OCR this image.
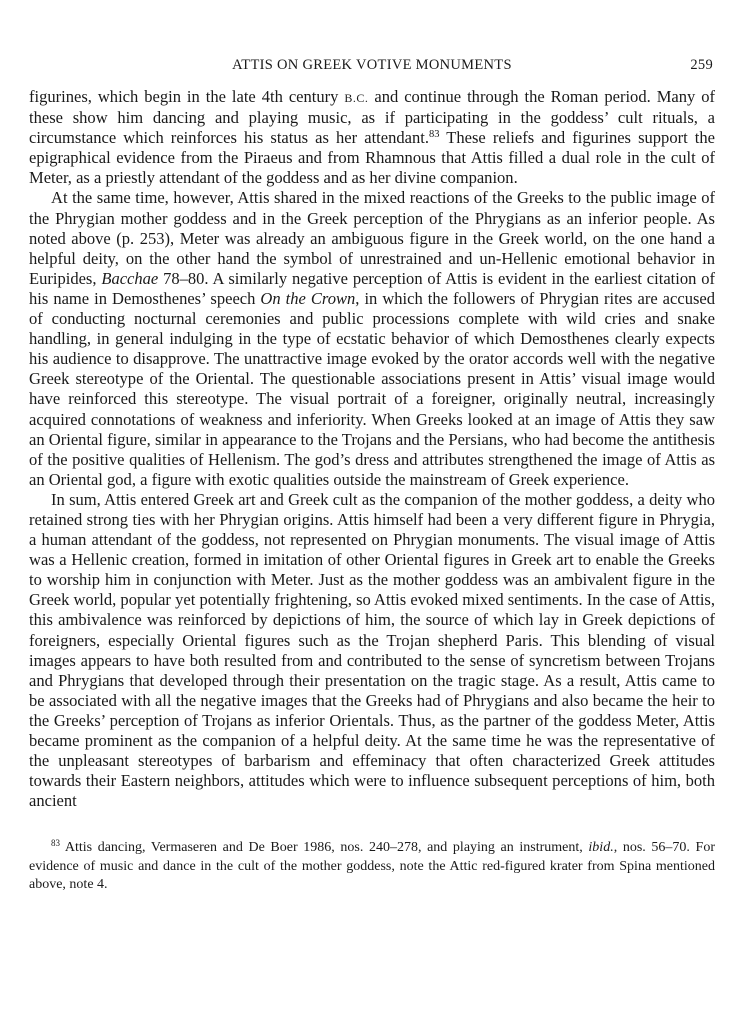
ATTIS ON GREEK VOTIVE MONUMENTS	259

figurines, which begin in the late 4th century B.C. and continue through the Roman period. Many of these show him dancing and playing music, as if participating in the goddess’ cult rituals, a circumstance which reinforces his status as her attendant.$^{83}$ These reliefs and figurines support the epigraphical evidence from the Piraeus and from Rhamnous that Attis filled a dual role in the cult of Meter, as a priestly attendant of the goddess and as her divine companion.

At the same time, however, Attis shared in the mixed reactions of the Greeks to the public image of the Phrygian mother goddess and in the Greek perception of the Phrygians as an inferior people. As noted above (p. 253), Meter was already an ambiguous figure in the Greek world, on the one hand a helpful deity, on the other hand the symbol of unrestrained and un-Hellenic emotional behavior in Euripides, Bacchae 78–80. A similarly negative perception of Attis is evident in the earliest citation of his name in Demosthenes’ speech On the Crown, in which the followers of Phrygian rites are accused of conducting nocturnal ceremonies and public processions complete with wild cries and snake handling, in general indulging in the type of ecstatic behavior of which Demosthenes clearly expects his audience to disapprove. The unattractive image evoked by the orator accords well with the negative Greek stereotype of the Oriental. The questionable associations present in Attis’ visual image would have reinforced this stereotype. The visual portrait of a foreigner, originally neutral, increasingly acquired connotations of weakness and inferiority. When Greeks looked at an image of Attis they saw an Oriental figure, similar in appearance to the Trojans and the Persians, who had become the antithesis of the positive qualities of Hellenism. The god’s dress and attributes strengthened the image of Attis as an Oriental god, a figure with exotic qualities outside the mainstream of Greek experience.

In sum, Attis entered Greek art and Greek cult as the companion of the mother goddess, a deity who retained strong ties with her Phrygian origins. Attis himself had been a very different figure in Phrygia, a human attendant of the goddess, not represented on Phrygian monuments. The visual image of Attis was a Hellenic creation, formed in imitation of other Oriental figures in Greek art to enable the Greeks to worship him in conjunction with Meter. Just as the mother goddess was an ambivalent figure in the Greek world, popular yet potentially frightening, so Attis evoked mixed sentiments. In the case of Attis, this ambivalence was reinforced by depictions of him, the source of which lay in Greek depictions of foreigners, especially Oriental figures such as the Trojan shepherd Paris. This blending of visual images appears to have both resulted from and contributed to the sense of syncretism between Trojans and Phrygians that developed through their presentation on the tragic stage. As a result, Attis came to be associated with all the negative images that the Greeks had of Phrygians and also became the heir to the Greeks’ perception of Trojans as inferior Orientals. Thus, as the partner of the goddess Meter, Attis became prominent as the companion of a helpful deity. At the same time he was the representative of the unpleasant stereotypes of barbarism and effeminacy that often characterized Greek attitudes towards their Eastern neighbors, attitudes which were to influence subsequent perceptions of him, both ancient

$^{83}$ Attis dancing, Vermaseren and De Boer 1986, nos. 240–278, and playing an instrument, ibid., nos. 56–70. For evidence of music and dance in the cult of the mother goddess, note the Attic red-figured krater from Spina mentioned above, note 4.
